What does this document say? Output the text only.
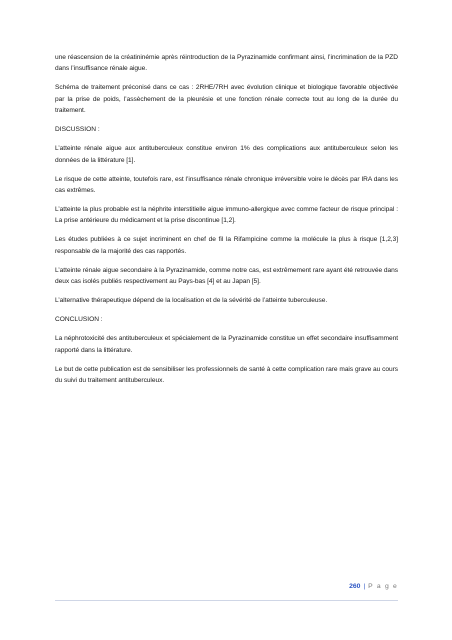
une réascension de la créatininémie après réintroduction de la Pyrazinamide confirmant ainsi, l’incrimination de la PZD dans l’insuffisance rénale aigue.

Schéma de traitement préconisé dans ce cas : 2RHE/7RH avec évolution clinique et biologique favorable objectivée par la prise de poids, l’assèchement de la pleurésie et une fonction rénale correcte tout au long de la durée du traitement.

DISCUSSION :

L’atteinte rénale aigue aux antituberculeux constitue environ 1% des complications aux antituberculeux selon les données de la littérature [1].

Le risque de cette atteinte, toutefois rare, est l’insuffisance rénale chronique irréversible voire le décès par IRA dans les cas extrêmes.

L’atteinte la plus probable est la néphrite interstitielle aigue immuno-allergique avec comme facteur de risque principal : La prise antérieure du médicament et la prise discontinue [1,2].

Les études publiées à ce sujet incriminent en chef de fil la Rifampicine comme la molécule la plus à risque [1,2,3] responsable de la majorité des cas rapportés.

L’atteinte rénale aigue secondaire à la Pyrazinamide, comme notre cas, est extrêmement rare ayant été retrouvée dans deux cas isolés publiés respectivement au Pays-bas [4] et au Japan [5].

L’alternative thérapeutique dépend de la localisation et de la sévérité de l’atteinte tuberculeuse.

CONCLUSION :

La néphrotoxicité des antituberculeux et spécialement de la Pyrazinamide constitue un effet secondaire insuffisamment rapporté dans la littérature.

Le but de cette publication est de sensibiliser les professionnels de santé à cette complication rare mais grave au cours du suivi du traitement antituberculeux.

260 | P a g e
